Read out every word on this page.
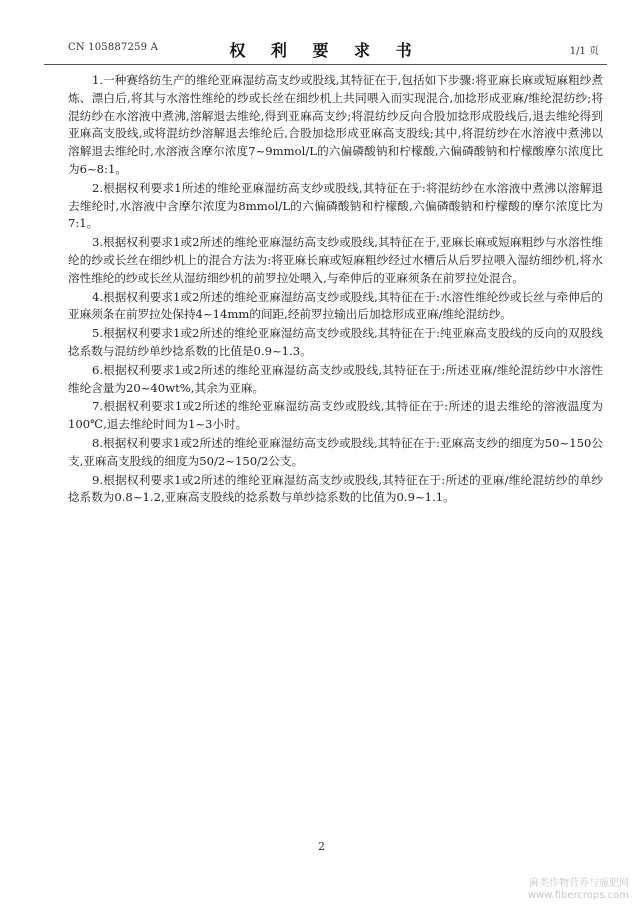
CN 105887259 A	权 利 要 求 书	1/1 页

1.一种赛络纺生产的维纶亚麻湿纺高支纱或股线,其特征在于,包括如下步骤:将亚麻长麻或短麻粗纱煮炼、漂白后,将其与水溶性维纶的纱或长丝在细纱机上共同喂入而实现混合,加捻形成亚麻/维纶混纺纱;将混纺纱在水溶液中煮沸,溶解退去维纶,得到亚麻高支纱;将混纺纱反向合股加捻形成股线后,退去维纶得到亚麻高支股线,或将混纺纱溶解退去维纶后,合股加捻形成亚麻高支股线;其中,将混纺纱在水溶液中煮沸以溶解退去维纶时,水溶液含摩尔浓度7~9mmol/L的六偏磷酸钠和柠檬酸,六偏磷酸钠和柠檬酸摩尔浓度比为6~8:1。

2.根据权利要求1所述的维纶亚麻湿纺高支纱或股线,其特征在于:将混纺纱在水溶液中煮沸以溶解退去维纶时,水溶液中含摩尔浓度为8mmol/L的六偏磷酸钠和柠檬酸,六偏磷酸钠和柠檬酸的摩尔浓度比为7:1。

3.根据权利要求1或2所述的维纶亚麻湿纺高支纱或股线,其特征在于,亚麻长麻或短麻粗纱与水溶性维纶的纱或长丝在细纱机上的混合方法为:将亚麻长麻或短麻粗纱经过水槽后从后罗拉喂入湿纺细纱机,将水溶性维纶的纱或长丝从湿纺细纱机的前罗拉处喂入,与牵伸后的亚麻须条在前罗拉处混合。

4.根据权利要求1或2所述的维纶亚麻湿纺高支纱或股线,其特征在于:水溶性维纶纱或长丝与牵伸后的亚麻须条在前罗拉处保持4~14mm的间距,经前罗拉输出后加捻形成亚麻/维纶混纺纱。

5.根据权利要求1或2所述的维纶亚麻湿纺高支纱或股线,其特征在于:纯亚麻高支股线的反向的双股线捻系数与混纺纱单纱捻系数的比值是0.9~1.3。

6.根据权利要求1或2所述的维纶亚麻湿纺高支纱或股线,其特征在于:所述亚麻/维纶混纺纱中水溶性维纶含量为20~40wt%,其余为亚麻。

7.根据权利要求1或2所述的维纶亚麻湿纺高支纱或股线,其特征在于:所述的退去维纶的溶液温度为100℃,退去维纶时间为1~3小时。

8.根据权利要求1或2所述的维纶亚麻湿纺高支纱或股线,其特征在于:亚麻高支纱的细度为50~150公支,亚麻高支股线的细度为50/2~150/2公支。

9.根据权利要求1或2所述的维纶亚麻湿纺高支纱或股线,其特征在于:所述的亚麻/维纶混纺纱的单纱捻系数为0.8~1.2,亚麻高支股线的捻系数与单纱捻系数的比值为0.9~1.1。

2
麻类作物营养与施肥网
www.fibercrops.com
